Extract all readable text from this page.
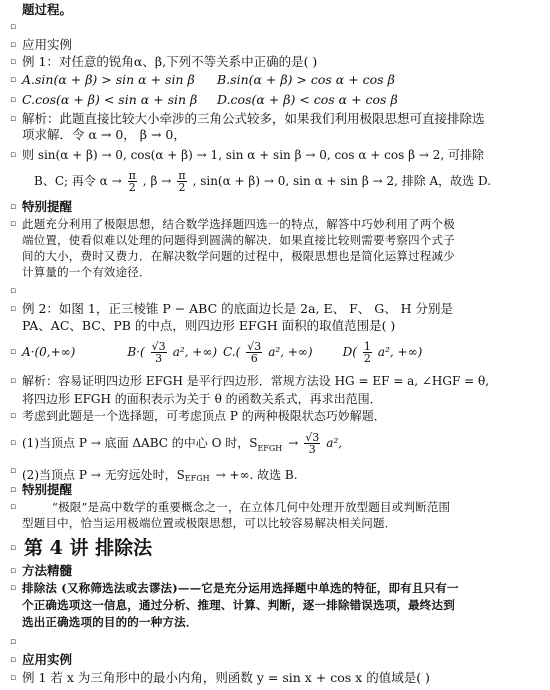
题过程。
▫
应用实例
▫
例 1：对任意的锐角α、β,下列不等关系中正确的是( )
▫
A.sin(α + β) > sin α + sin β B.sin(α + β) > cos α + cos β
▫
C.cos(α + β) < sin α + sin β D.cos(α + β) < cos α + cos β
▫
解析：此题直接比较大小牵涉的三角公式较多，如果我们利用极限思想可直接排除选
▫
项求解．令 α → 0， β → 0，
则 sin(α + β) → 0, cos(α + β) → 1, sin α + sin β → 0, cos α + cos β → 2, 可排除
▫
B、C; 再令 $\alpha \to \frac{\pi}{2}$ , $\beta \to \frac{\pi}{2}$ , sin(α + β) → 0, sin α + sin β → 2, 排除 A，故选 D.
特别提醒
▫
此题充分利用了极限思想，结合数学选择题四选一的特点，解答中巧妙利用了两个极
▫
端位置，使看似难以处理的问题得到圆满的解决．如果直接比较则需要考察四个式子
间的大小，费时又费力．在解决数学问题的过程中，极限思想也是简化运算过程减少
计算量的一个有效途径．
▫
例 2：如图 1，正三棱锥 P − ABC 的底面边长是 2a, E、 F、 G、 H 分别是
▫
PA、AC、BC、PB 的中点，则四边形 EFGH 面积的取值范围是( )
A·(0,+∞)	$B\cdot( \frac{√3}{3} a^2$, +∞) $C.( \frac{√3}{6} a^2$, +∞)	$D( \frac{1}{2} a^2$, +∞)
▫
解析：容易证明四边形 EFGH 是平行四边形．常规方法设 HG = EF = a, ∠HGF = θ,
▫
将四边形 EFGH 的面积表示为关于 θ 的函数关系式，再求出范围．
考虑到此题是一个选择题，可考虑顶点 P 的两种极限状态巧妙解题．
▫
(1)当顶点 P → 底面 ΔABC 的中心 O 时，$S_{EFGH} \to \frac{√3}{3} a^2$,
▫
(2)当顶点 P → 无穷远处时，$S_{EFGH}$ → +∞. 故选 B.
▫
特别提醒
▫
“极限”是高中数学的重要概念之一，在立体几何中处理开放型题目或判断范围
▫
型题目中，恰当运用极端位置或极限思想，可以比较容易解决相关问题．
▫ 第 4 讲 排除法
方法精髓
▫
排除法 (又称筛选法或去谬法)——它是充分运用选择题中单选的特征，即有且只有一
▫
个正确选项这一信息，通过分析、推理、计算、判断，逐一排除错误选项，最终达到
选出正确选项的目的的一种方法．
▫
应用实例
▫
例 1 若 x 为三角形中的最小内角，则函数 y = sin x + cos x 的值域是( )
▫
